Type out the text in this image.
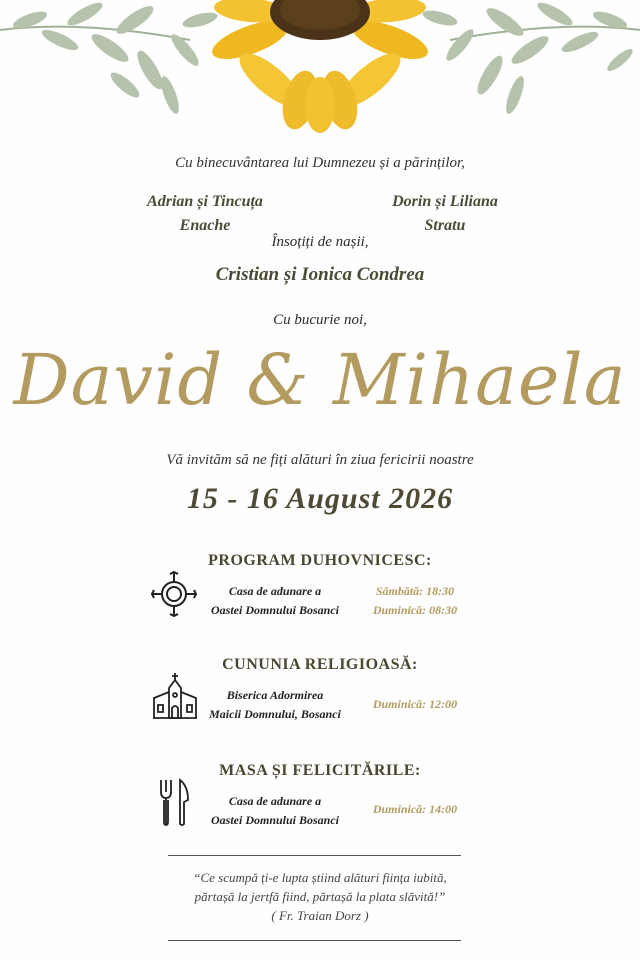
Cu binecuvântarea lui Dumnezeu și a părinților,
Adrian și Tincuța
Enache
Dorin și Liliana
Stratu
Însoțiți de nașii,
Cristian și Ionica Condrea
Cu bucurie noi,
David & Mihaela
Vă invităm să ne fiți alături în ziua fericirii noastre
15 - 16 August 2026
PROGRAM DUHOVNICESC:
Casa de adunare a
Oastei Domnului Bosanci
Sâmbătă: 18:30
Duminică: 08:30
CUNUNIA RELIGIOASĂ:
Biserica Adormirea
Maicii Domnului, Bosanci
Duminică: 12:00
MASA ȘI FELICITĂRILE:
Casa de adunare a
Oastei Domnului Bosanci
Duminică: 14:00
“Ce scumpă ți-e lupta știind alături ființa iubită,
părtașă la jertfă fiind, părtașă la plata slăvită!”
( Fr. Traian Dorz )
